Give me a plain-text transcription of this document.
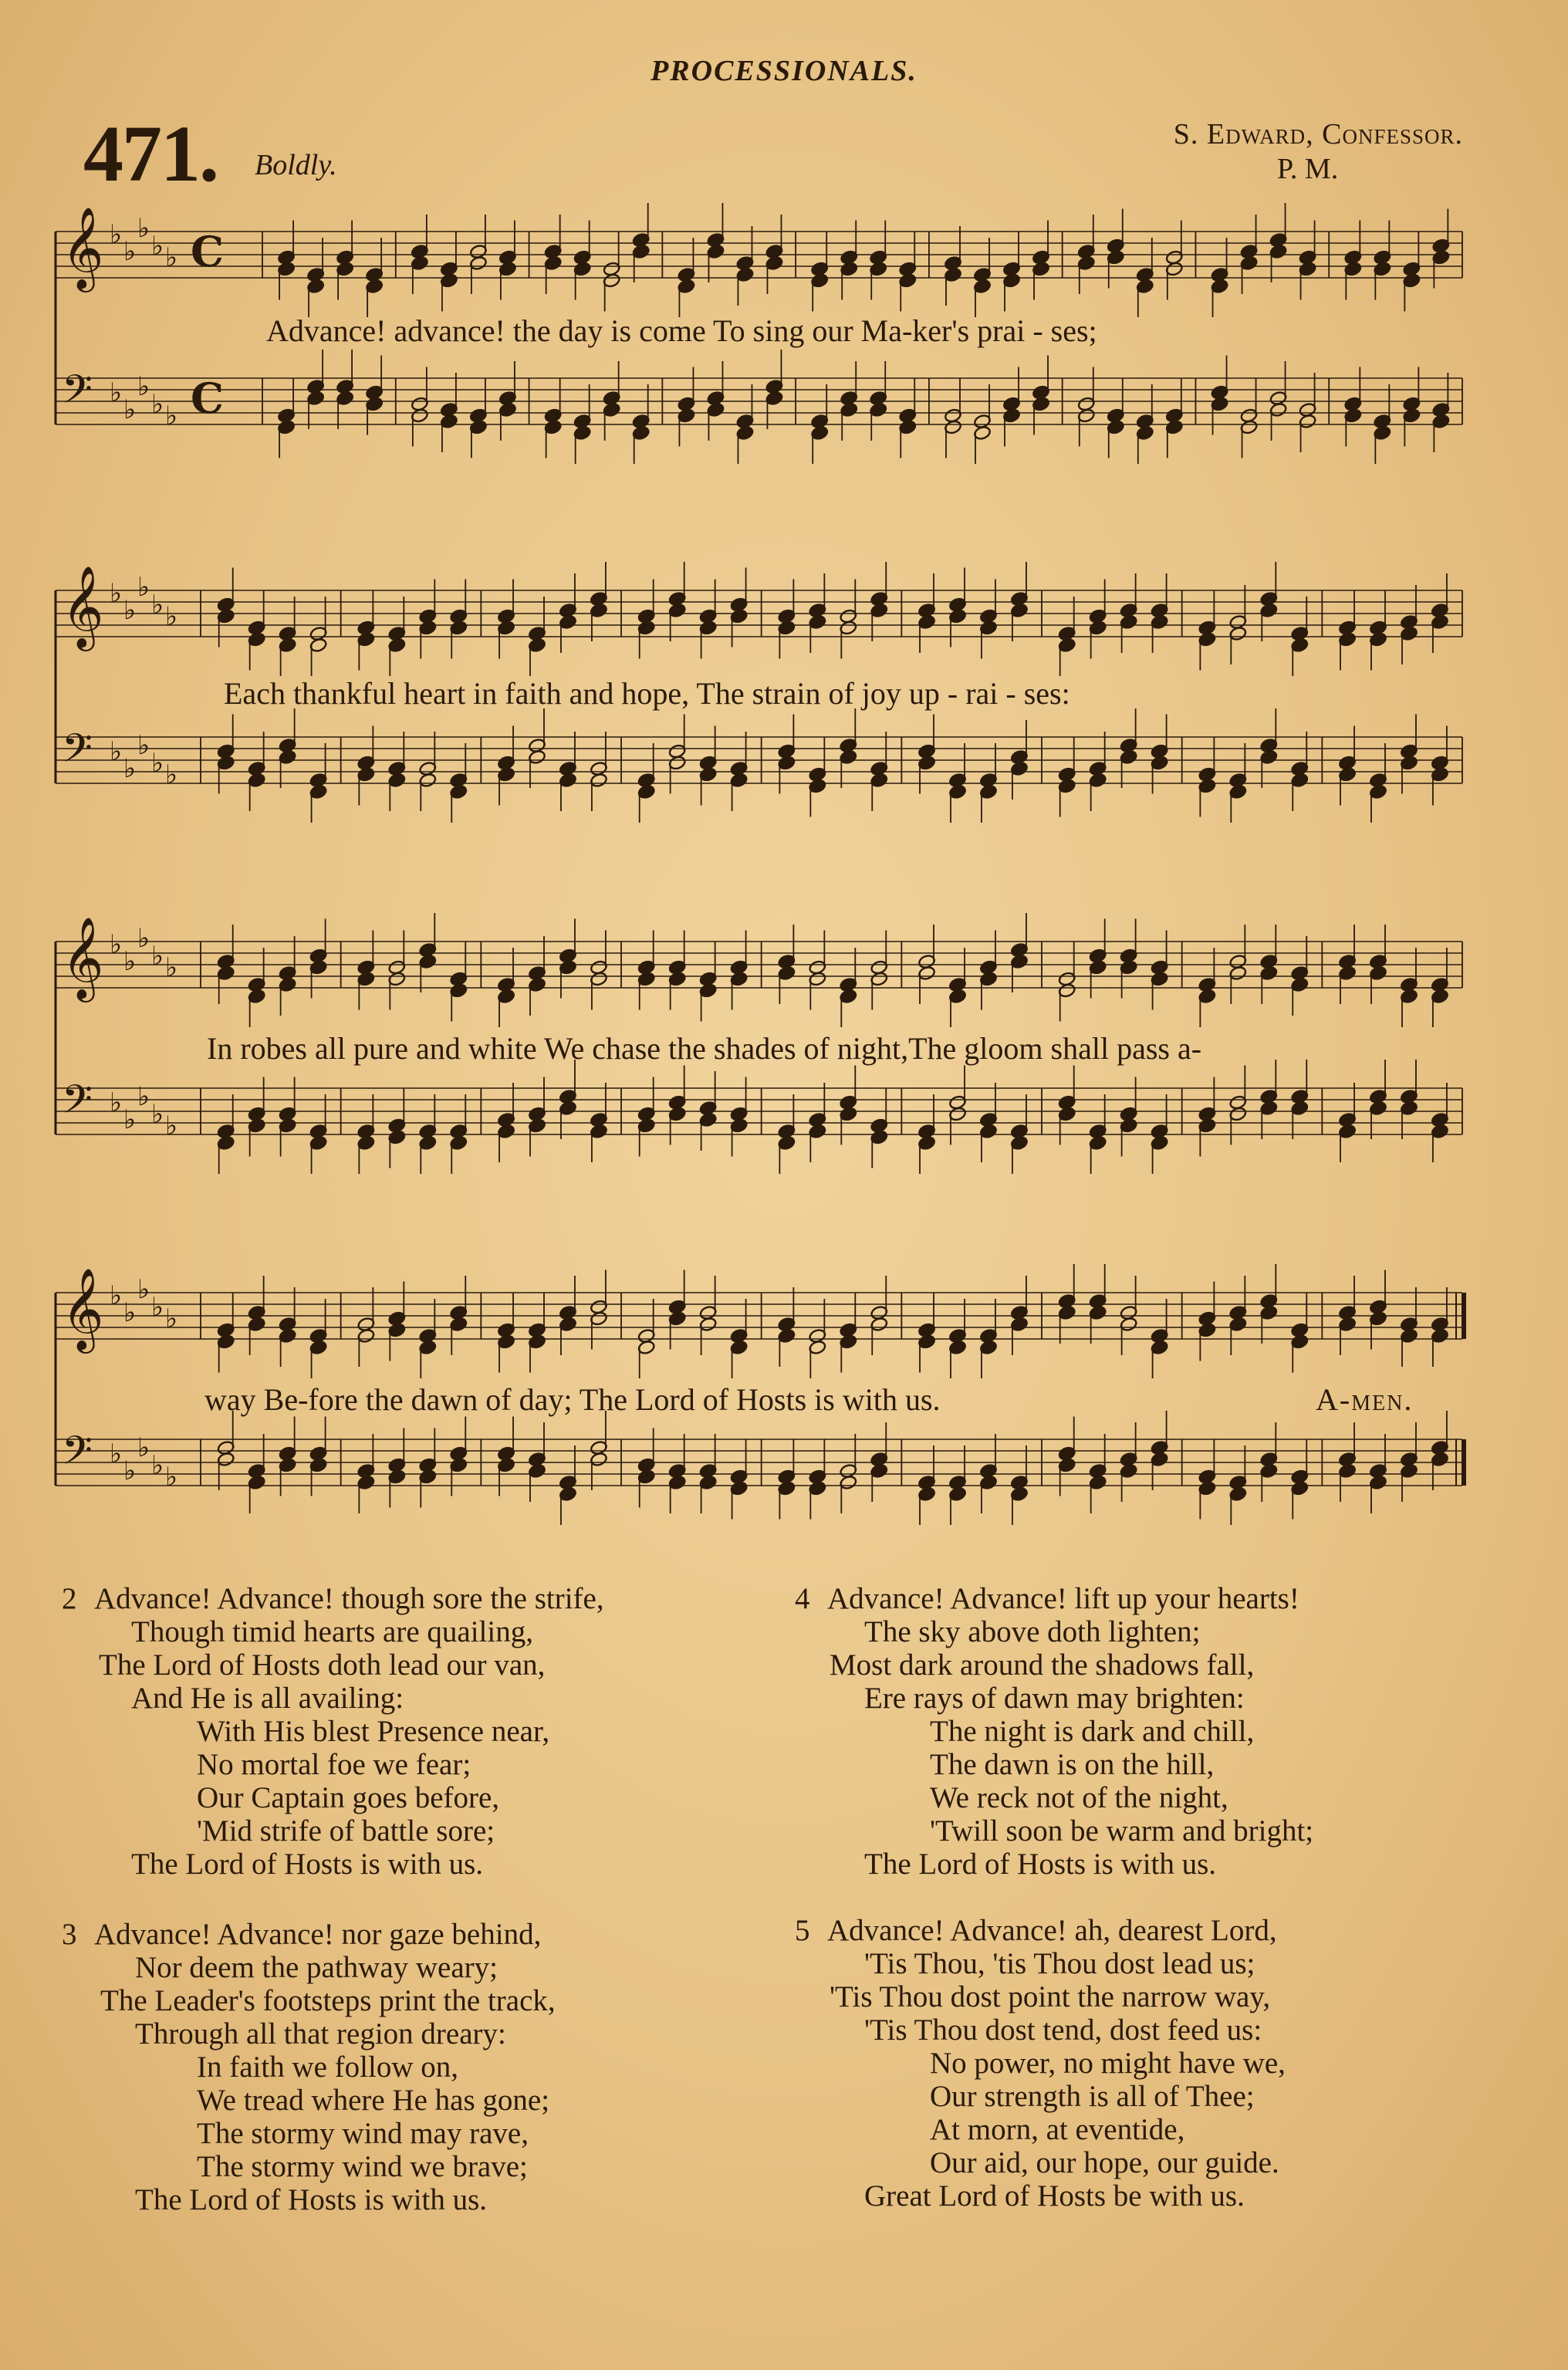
PROCESSIONALS.
471. Boldly.
S. Edward, Confessor.
P. M.
𝄞 ♭
♭
♭
♭ ♭ C
𝄢 ♭
♭
♭
♭ ♭ C
Advance! advance! the day is come To sing our Ma-ker's prai - ses;
𝄞 ♭
♭
♭
♭ ♭
𝄢 ♭
♭
♭
♭ ♭
Each thankful heart in faith and hope, The strain of joy up - rai - ses:
𝄞 ♭
♭
♭
♭ ♭
𝄢 ♭
♭
♭
♭ ♭
In robes all pure and white We chase the shades of night,The gloom shall pass a-
𝄞 ♭
♭
♭
♭ ♭
𝄢 ♭
♭
♭
♭ ♭
way Be-fore the dawn of day; The Lord of Hosts is with us.	A-men.
2 Advance! Advance! though sore the strife,
Though timid hearts are quailing,
The Lord of Hosts doth lead our van,
And He is all availing:
With His blest Presence near,
No mortal foe we fear;
Our Captain goes before,
'Mid strife of battle sore;
The Lord of Hosts is with us.
3 Advance! Advance! nor gaze behind,
Nor deem the pathway weary;
The Leader's footsteps print the track,
Through all that region dreary:
In faith we follow on,
We tread where He has gone;
The stormy wind may rave,
The stormy wind we brave;
The Lord of Hosts is with us.
4 Advance! Advance! lift up your hearts!
The sky above doth lighten;
Most dark around the shadows fall,
Ere rays of dawn may brighten:
The night is dark and chill,
The dawn is on the hill,
We reck not of the night,
'Twill soon be warm and bright;
The Lord of Hosts is with us.
5 Advance! Advance! ah, dearest Lord,
'Tis Thou, 'tis Thou dost lead us;
'Tis Thou dost point the narrow way,
'Tis Thou dost tend, dost feed us:
No power, no might have we,
Our strength is all of Thee;
At morn, at eventide,
Our aid, our hope, our guide.
Great Lord of Hosts be with us.
